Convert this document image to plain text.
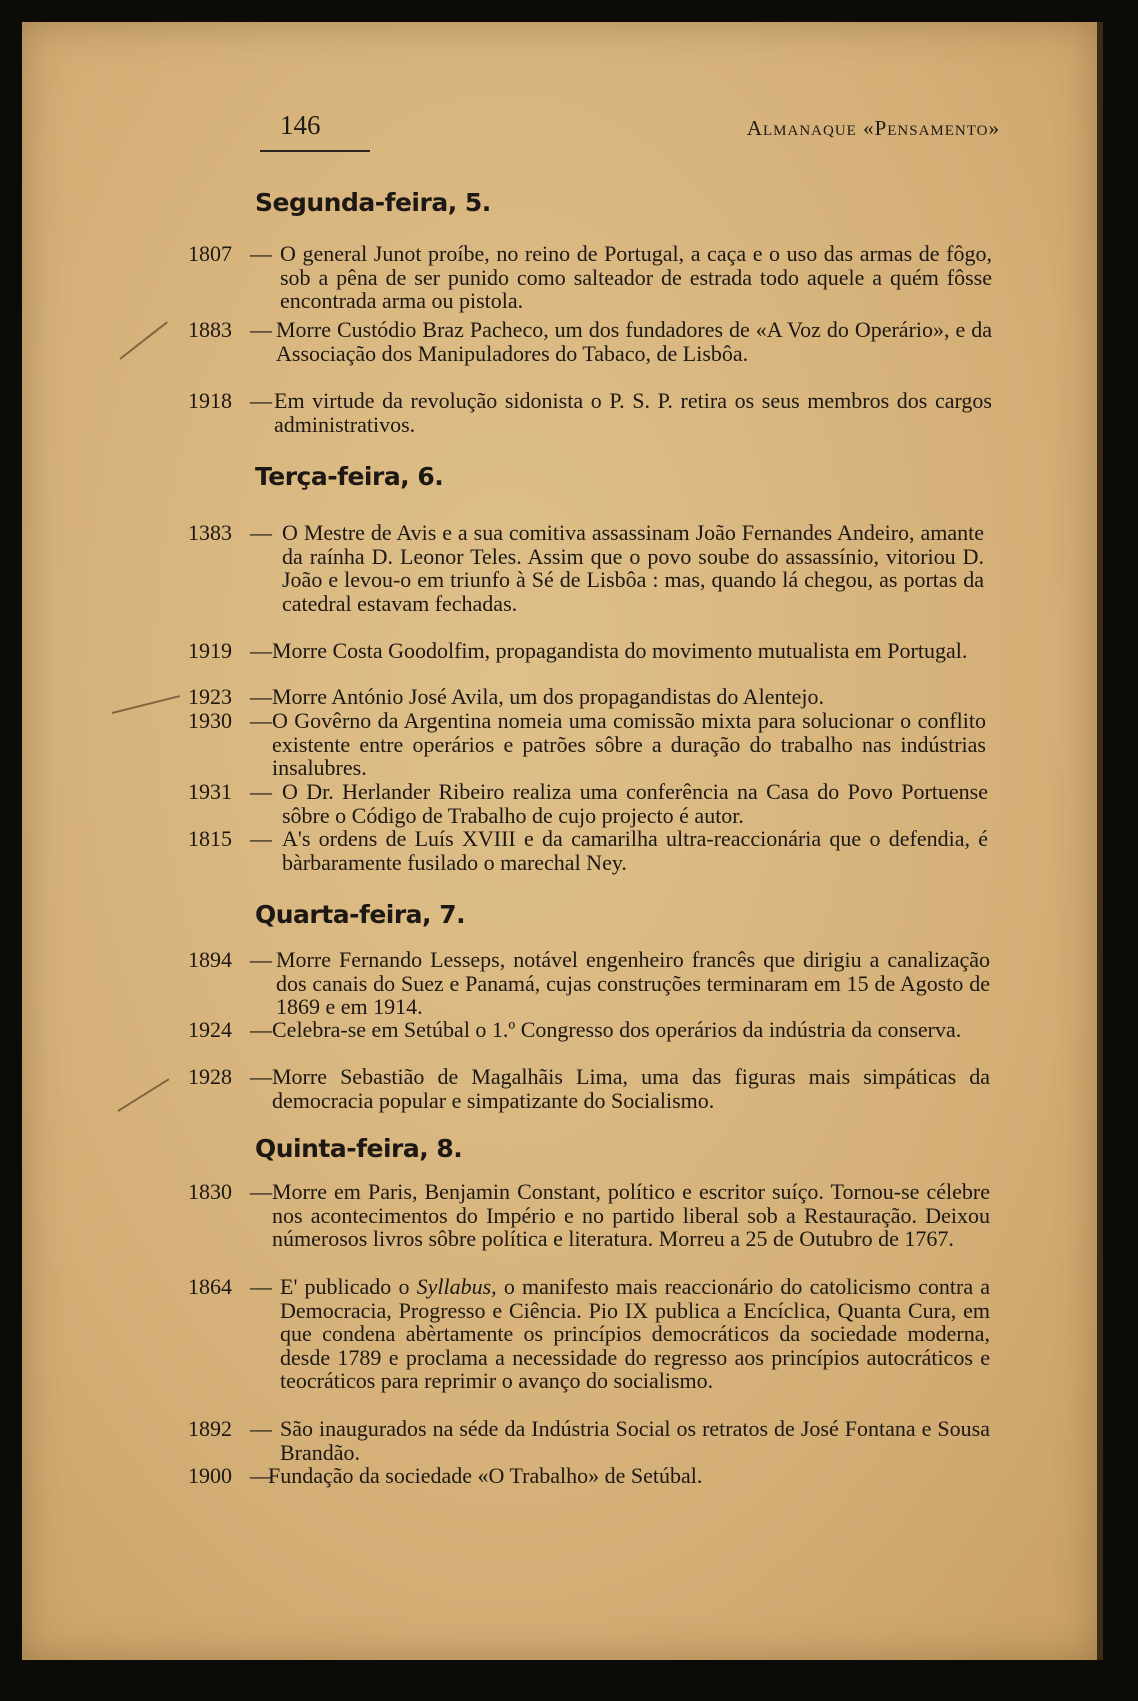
146	Almanaque «Pensamento»
Segunda-feira, 5.
1807 — O general Junot proíbe, no reino de Portugal, a caça e o uso das armas de fôgo, sob a pêna de ser punido como salteador de estrada todo aquele a quém fôsse encontrada arma ou pistola.
1883 — Morre Custódio Braz Pacheco, um dos fundadores de «A Voz do Operário», e da Associação dos Manipuladores do Tabaco, de Lisbôa.
1918 — Em virtude da revolução sidonista o P. S. P. retira os seus membros dos cargos administrativos.
Terça-feira, 6.
1383 — O Mestre de Avis e a sua comitiva assassinam João Fernandes Andeiro, amante da raínha D. Leonor Teles. Assim que o povo soube do assassínio, vitoriou D. João e levou-o em triunfo à Sé de Lisbôa : mas, quando lá chegou, as portas da catedral estavam fechadas.
1919 — Morre Costa Goodolfim, propagandista do movimento mutualista em Portugal.
1923 — Morre António José Avila, um dos propagandistas do Alentejo.
1930 — O Govêrno da Argentina nomeia uma comissão mixta para solucionar o conflito existente entre operários e patrões sôbre a duração do trabalho nas indústrias insalubres.
1931 — O Dr. Herlander Ribeiro realiza uma conferência na Casa do Povo Portuense sôbre o Código de Trabalho de cujo projecto é autor.
1815 — A's ordens de Luís XVIII e da camarilha ultra-reaccionária que o defendia, é bàrbaramente fusilado o marechal Ney.
Quarta-feira, 7.
1894 — Morre Fernando Lesseps, notável engenheiro francês que dirigiu a canalização dos canais do Suez e Panamá, cujas construções terminaram em 15 de Agosto de 1869 e em 1914.
1924 — Celebra-se em Setúbal o 1.º Congresso dos operários da indústria da conserva.
1928 — Morre Sebastião de Magalhãis Lima, uma das figuras mais simpáticas da democracia popular e simpatizante do Socialismo.
Quinta-feira, 8.
1830 — Morre em Paris, Benjamin Constant, político e escritor suíço. Tornou-se célebre nos acontecimentos do Império e no partido liberal sob a Restauração. Deixou númerosos livros sôbre política e literatura. Morreu a 25 de Outubro de 1767.
1864 — E' publicado o Syllabus, o manifesto mais reaccionário do catolicismo contra a Democracia, Progresso e Ciência. Pio IX publica a Encíclica, Quanta Cura, em que condena abèrtamente os princípios democráticos da sociedade moderna, desde 1789 e proclama a necessidade do regresso aos princípios autocráticos e teocráticos para reprimir o avanço do socialismo.
1892 — São inaugurados na séde da Indústria Social os retratos de José Fontana e Sousa Brandão.
1900 —
Fundação da sociedade «O Trabalho» de Setúbal.
